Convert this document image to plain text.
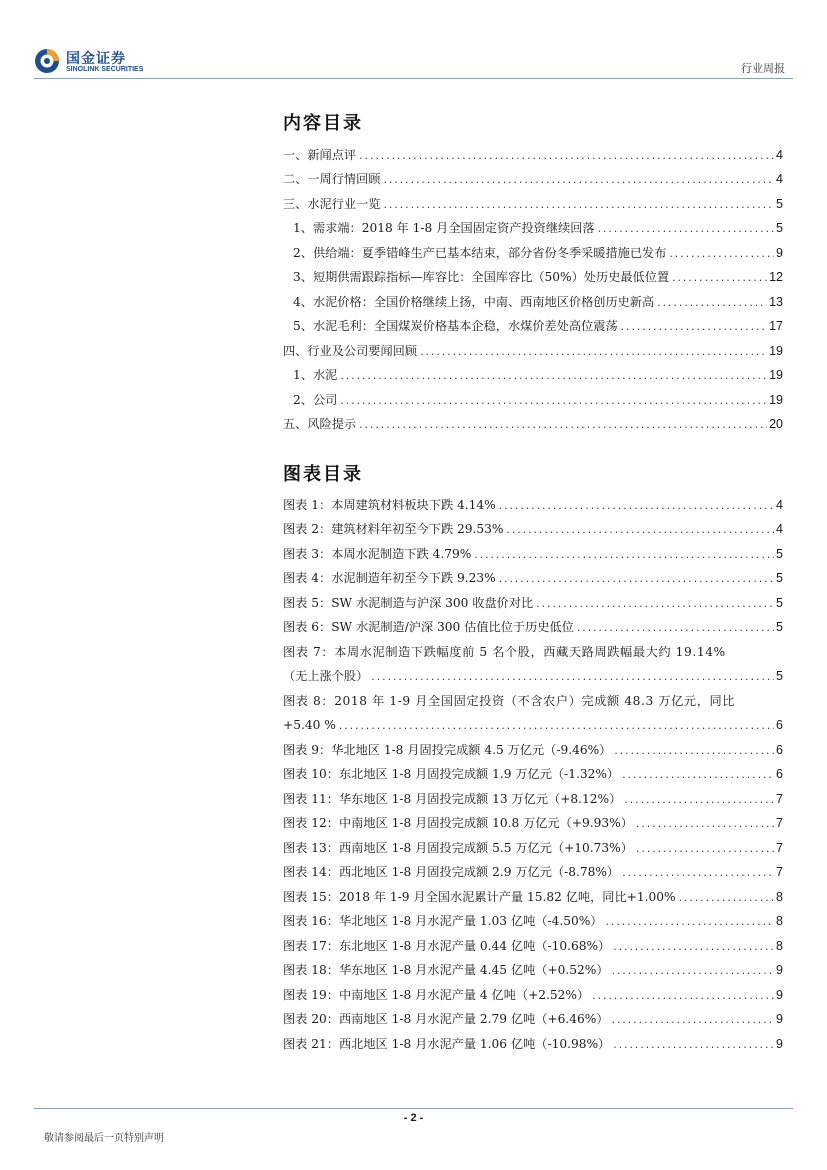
国金证券
SINOLINK SECURITIES	行业周报
内容目录
一、新闻点评 .....	4
二、一周行情回顾 .....	4
三、水泥行业一览 .....	5
1、需求端：2018 年 1-8 月全国固定资产投资继续回落 .....	5
2、供给端：夏季错峰生产已基本结束，部分省份冬季采暖措施已发布 .....	9
3、短期供需跟踪指标—库容比：全国库容比（50%）处历史最低位置 .....	12
4、水泥价格：全国价格继续上扬，中南、西南地区价格创历史新高 .....	13
5、水泥毛利：全国煤炭价格基本企稳，水煤价差处高位震荡 .....	17
四、行业及公司要闻回顾 .....	19
1、水泥 .....	19
2、公司 .....	19
五、风险提示 .....	20
图表目录
图表 1：本周建筑材料板块下跌 4.14% .....	4
图表 2：建筑材料年初至今下跌 29.53% .....	4
图表 3：本周水泥制造下跌 4.79% .....	5
图表 4：水泥制造年初至今下跌 9.23% .....	5
图表 5：SW 水泥制造与沪深 300 收盘价对比 .....	5
图表 6：SW 水泥制造/沪深 300 估值比位于历史低位 .....	5
图表 7：本周水泥制造下跌幅度前 5 名个股，西藏天路周跌幅最大约 19.14%
（无上涨个股） .....	5
图表 8：2018 年 1-9 月全国固定投资（不含农户）完成额 48.3 万亿元，同比
+5.40 % .....	6
图表 9：华北地区 1-8 月固投完成额 4.5 万亿元（-9.46%） .....	6
图表 10：东北地区 1-8 月固投完成额 1.9 万亿元（-1.32%） .....	6
图表 11：华东地区 1-8 月固投完成额 13 万亿元（+8.12%） .....	7
图表 12：中南地区 1-8 月固投完成额 10.8 万亿元（+9.93%） .....	7
图表 13：西南地区 1-8 月固投完成额 5.5 万亿元（+10.73%） .....	7
图表 14：西北地区 1-8 月固投完成额 2.9 万亿元（-8.78%） .....	7
图表 15：2018 年 1-9 月全国水泥累计产量 15.82 亿吨，同比+1.00% .....	8
图表 16：华北地区 1-8 月水泥产量 1.03 亿吨（-4.50%） .....	8
图表 17：东北地区 1-8 月水泥产量 0.44 亿吨（-10.68%） .....	8
图表 18：华东地区 1-8 月水泥产量 4.45 亿吨（+0.52%） .....	9
图表 19：中南地区 1-8 月水泥产量 4 亿吨（+2.52%） .....	9
图表 20：西南地区 1-8 月水泥产量 2.79 亿吨（+6.46%） .....	9
图表 21：西北地区 1-8 月水泥产量 1.06 亿吨（-10.98%） .....	9
- 2 -
敬请参阅最后一页特别声明
